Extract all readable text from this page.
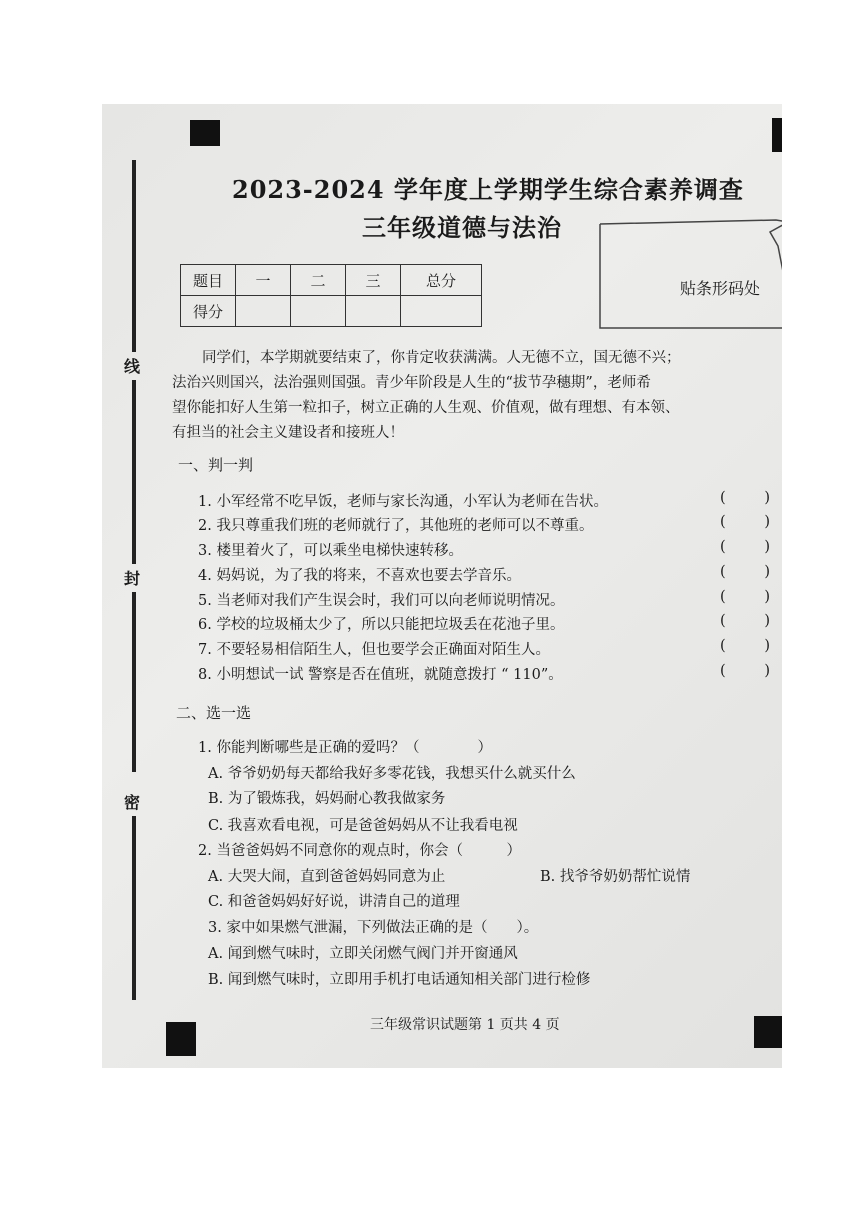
线
封
密
2023-2024 学年度上学期学生综合素养调查
三年级道德与法治
贴条形码处
题目	一	二	三	总分
得分				

同学们，本学期就要结束了，你肯定收获满满。人无德不立，国无德不兴；

法治兴则国兴，法治强则国强。青少年阶段是人生的“拔节孕穗期”，老师希

望你能扣好人生第一粒扣子，树立正确的人生观、价值观，做有理想、有本领、

有担当的社会主义建设者和接班人！

一、判一判
1. 小军经常不吃早饭，老师与家长沟通，小军认为老师在告状。
2. 我只尊重我们班的老师就行了，其他班的老师可以不尊重。
3. 楼里着火了，可以乘坐电梯快速转移。
4. 妈妈说，为了我的将来，不喜欢也要去学音乐。
5. 当老师对我们产生误会时，我们可以向老师说明情况。
6. 学校的垃圾桶太少了，所以只能把垃圾丢在花池子里。
7. 不要轻易相信陌生人，但也要学会正确面对陌生人。
8. 小明想试一试 警察是否在值班，就随意拨打 “ 110”。
(	)
(	)
(	)
(	)
(	)
(	)
(	)
(	)
二、选一选
1. 你能判断哪些是正确的爱吗？（　　　　）
A. 爷爷奶奶每天都给我好多零花钱，我想买什么就买什么
B. 为了锻炼我，妈妈耐心教我做家务
C. 我喜欢看电视，可是爸爸妈妈从不让我看电视
2. 当爸爸妈妈不同意你的观点时，你会（　　　）
A. 大哭大闹，直到爸爸妈妈同意为止	B. 找爷爷奶奶帮忙说情
C. 和爸爸妈妈好好说，讲清自己的道理
3. 家中如果燃气泄漏，下列做法正确的是（　　）。
A. 闻到燃气味时，立即关闭燃气阀门并开窗通风
B. 闻到燃气味时，立即用手机打电话通知相关部门进行检修
三年级常识试题第 1 页共 4 页
